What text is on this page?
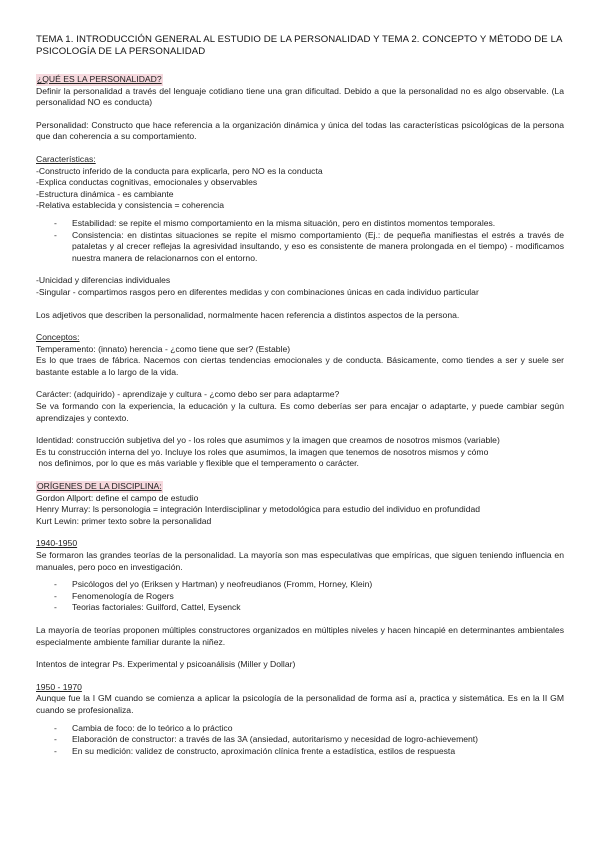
TEMA 1. INTRODUCCIÓN GENERAL AL ESTUDIO DE LA PERSONALIDAD Y TEMA 2. CONCEPTO Y MÉTODO DE LA PSICOLOGÍA DE LA PERSONALIDAD
¿QUÉ ES LA PERSONALIDAD?

Definir la personalidad a través del lenguaje cotidiano tiene una gran dificultad. Debido a que la personalidad no es algo observable. (La personalidad NO es conducta)

Personalidad: Constructo que hace referencia a la organización dinámica y única del todas las características psicológicas de la persona que dan coherencia a su comportamiento.

Características:
-Constructo inferido de la conducta para explicarla, pero NO es la conducta
-Explica conductas cognitivas, emocionales y observables
-Estructura dinámica - es cambiante
-Relativa establecida y consistencia = coherencia
- Estabilidad: se repite el mismo comportamiento en la misma situación, pero en distintos momentos temporales.
- Consistencia: en distintas situaciones se repite el mismo comportamiento (Ej.: de pequeña manifiestas el estrés a través de pataletas y al crecer reflejas la agresividad insultando, y eso es consistente de manera prolongada en el tiempo) - modificamos nuestra manera de relacionarnos con el entorno.
-Unicidad y diferencias individuales
-Singular - compartimos rasgos pero en diferentes medidas y con combinaciones únicas en cada individuo particular

Los adjetivos que describen la personalidad, normalmente hacen referencia a distintos aspectos de la persona.

Conceptos:

Temperamento: (innato) herencia - ¿como tiene que ser? (Estable)

Es lo que traes de fábrica. Nacemos con ciertas tendencias emocionales y de conducta. Básicamente, como tiendes a ser y suele ser bastante estable a lo largo de la vida.

Carácter: (adquirido) - aprendizaje y cultura - ¿como debo ser para adaptarme?

Se va formando con la experiencia, la educación y la cultura. Es como deberías ser para encajar o adaptarte, y puede cambiar según aprendizajes y contexto.

Identidad: construcción subjetiva del yo - los roles que asumimos y la imagen que creamos de nosotros mismos (variable)
Es tu construcción interna del yo. Incluye los roles que asumimos, la imagen que tenemos de nosotros mismos y cómo
nos definimos, por lo que es más variable y flexible que el temperamento o carácter.
ORÍGENES DE LA DISCIPLINA:
Gordon Allport: define el campo de estudio
Henry Murray: ls personologia = integración Interdisciplinar y metodológica para estudio del individuo en profundidad
Kurt Lewin: primer texto sobre la personalidad
1940-1950

Se formaron las grandes teorías de la personalidad. La mayoría son mas especulativas que empíricas, que siguen teniendo influencia en manuales, pero poco en investigación.

- Psicólogos del yo (Eriksen y Hartman) y neofreudianos (Fromm, Horney, Klein)
- Fenomenología de Rogers
- Teorias factoriales: Guilford, Cattel, Eysenck

La mayoría de teorías proponen múltiples constructores organizados en múltiples niveles y hacen hincapié en determinantes ambientales especialmente ambiente familiar durante la niñez.

Intentos de integrar Ps. Experimental y psicoanálisis (Miller y Dollar)

1950 - 1970

Aunque fue la I GM cuando se comienza a aplicar la psicología de la personalidad de forma así a, practica y sistemática. Es en la II GM cuando se profesionaliza.

- Cambia de foco: de lo teórico a lo práctico
- Elaboración de constructor: a través de las 3A (ansiedad, autoritarismo y necesidad de logro-achievement)
- En su medición: validez de constructo, aproximación clínica frente a estadística, estilos de respuesta
